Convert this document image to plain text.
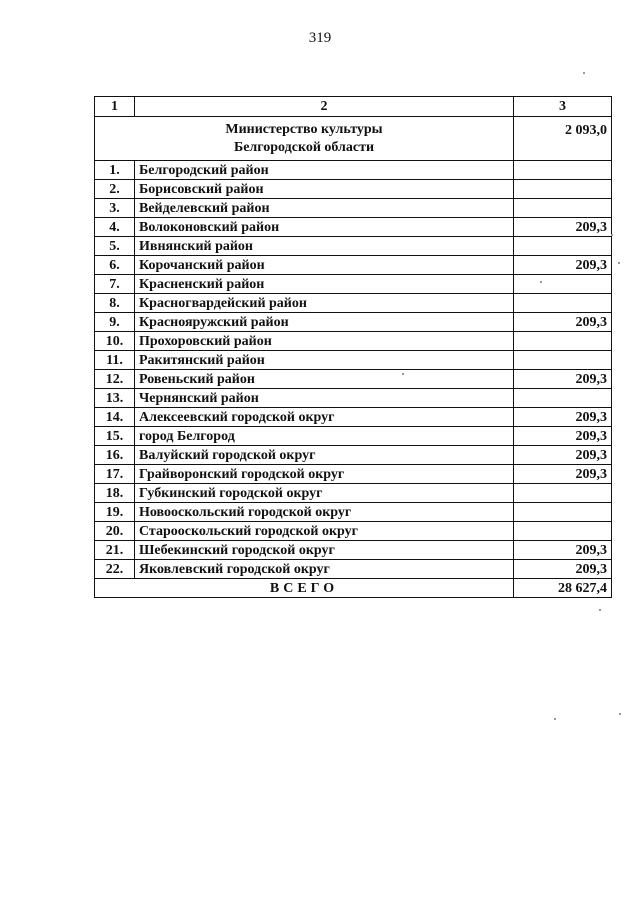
319
1	2	3

Министерство культуры
Белгородской области		2 093,0
1.	Белгородский район	
2.	Борисовский район	
3.	Вейделевский район	
4.	Волоконовский район	209,3
5.	Ивнянский район	
6.	Корочанский район	209,3
7.	Красненский район	
8.	Красногвардейский район	
9.	Краснояружский район	209,3
10.	Прохоровский район	
11.	Ракитянский район	
12.	Ровеньский район	209,3
13.	Чернянский район	
14.	Алексеевский городской округ	209,3
15.	город Белгород	209,3
16.	Валуйский городской округ	209,3
17.	Грайворонский городской округ	209,3
18.	Губкинский городской округ	
19.	Новооскольский городской округ	
20.	Старооскольский городской округ	
21.	Шебекинский городской округ	209,3
22.	Яковлевский городской округ	209,3
ВСЕГО		28 627,4
